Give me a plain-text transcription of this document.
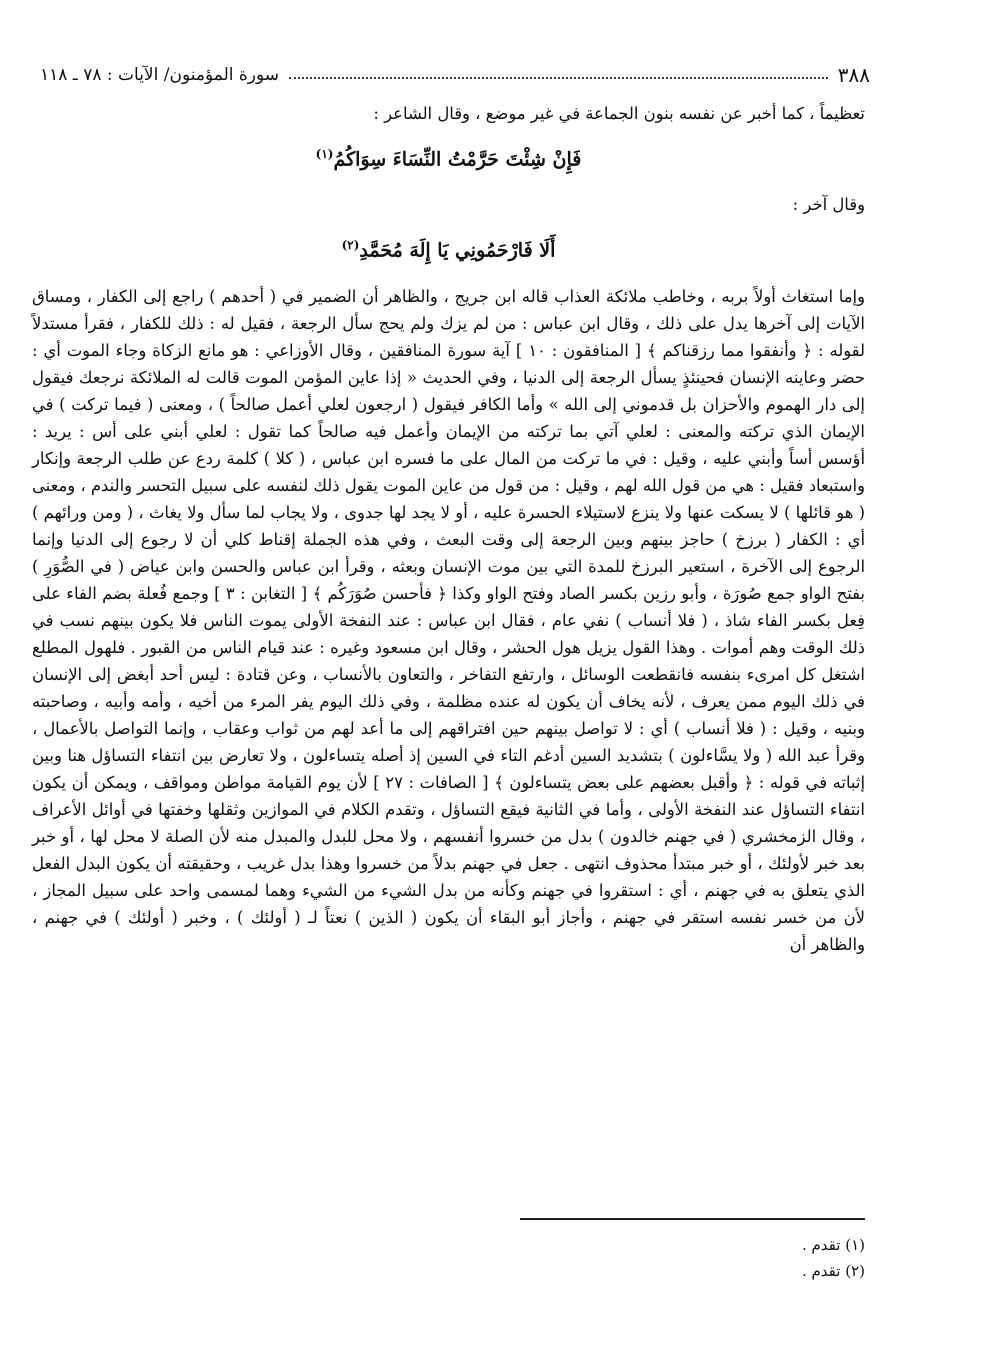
٣٨٨
سورة المؤمنون/ الآيات : ٧٨ ـ ١١٨

تعظيماً ، كما أخبر عن نفسه بنون الجماعة في غير موضع ، وقال الشاعر :

فَإِنْ شِئْتَ حَرَّمْتُ النِّسَاءَ سِوَاكُمُ$^{(١)}$

وقال آخر :

أَلَا فَارْحَمُونِي يَا إِلَهَ مُحَمَّدِ$^{(٢)}$

وإما استغاث أولاً بربه ، وخاطب ملائكة العذاب قاله ابن جريج ، والظاهر أن الضمير في ( أحدهم ) راجع إلى الكفار ، ومساق الآيات إلى آخرها يدل على ذلك ، وقال ابن عباس : من لم يزك ولم يحج سأل الرجعة ، فقيل له : ذلك للكفار ، فقرأ مستدلاً لقوله : ﴿ وأنفقوا مما رزقناكم ﴾ [ المنافقون : ١٠ ] آية سورة المنافقين ، وقال الأوزاعي : هو مانع الزكاة وجاء الموت أي : حضر وعاينه الإنسان فحينئذٍ يسأل الرجعة إلى الدنيا ، وفي الحديث « إذا عاين المؤمن الموت قالت له الملائكة نرجعك فيقول إلى دار الهموم والأحزان بل قدموني إلى الله » وأما الكافر فيقول ( ارجعون لعلي أعمل صالحاً ) ، ومعنى ( فيما تركت ) في الإيمان الذي تركته والمعنى : لعلي آتي بما تركته من الإيمان وأعمل فيه صالحاً كما تقول : لعلي أبني على أس : يريد : أؤسس أساً وأبني عليه ، وقيل : في ما تركت من المال على ما فسره ابن عباس ، ( كلا ) كلمة ردع عن طلب الرجعة وإنكار واستبعاد فقيل : هي من قول الله لهم ، وقيل : من قول من عاين الموت يقول ذلك لنفسه على سبيل التحسر والندم ، ومعنى ( هو قائلها ) لا يسكت عنها ولا ينزع لاستيلاء الحسرة عليه ، أو لا يجد لها جدوى ، ولا يجاب لما سأل ولا يغاث ، ( ومن ورائهم ) أي : الكفار ( برزخ ) حاجز بينهم وبين الرجعة إلى وقت البعث ، وفي هذه الجملة إقناط كلي أن لا رجوع إلى الدنيا وإنما الرجوع إلى الآخرة ، استعير البرزخ للمدة التي بين موت الإنسان وبعثه ، وقرأ ابن عباس والحسن وابن عياض ( في الصُّوَرِ ) بفتح الواو جمع صُورَة ، وأبو رزين بكسر الصاد وفتح الواو وكذا ﴿ فأحسن صُوَرَكُم ﴾ [ التغابن : ٣ ] وجمع فُعلة بضم الفاء على فِعل بكسر الفاء شاذ ، ( فلا أنساب ) نفي عام ، فقال ابن عباس : عند النفخة الأولى يموت الناس فلا يكون بينهم نسب في ذلك الوقت وهم أموات . وهذا القول يزيل هول الحشر ، وقال ابن مسعود وغيره : عند قيام الناس من القبور . فلهول المطلع اشتغل كل امرىء بنفسه فانقطعت الوسائل ، وارتفع التفاخر ، والتعاون بالأنساب ، وعن قتادة : ليس أحد أبغض إلى الإنسان في ذلك اليوم ممن يعرف ، لأنه يخاف أن يكون له عنده مظلمة ، وفي ذلك اليوم يفر المرء من أخيه ، وأمه وأبيه ، وصاحبته وبنيه ، وقيل : ( فلا أنساب ) أي : لا تواصل بينهم حين افتراقهم إلى ما أعد لهم من ثواب وعقاب ، وإنما التواصل بالأعمال ، وقرأ عبد الله ( ولا يسَّاءلون ) بتشديد السين أدغم التاء في السين إذ أصله يتساءلون ، ولا تعارض بين انتفاء التساؤل هنا وبين إثباته في قوله : ﴿ وأقبل بعضهم على بعض يتساءلون ﴾ [ الصافات : ٢٧ ] لأن يوم القيامة مواطن ومواقف ، ويمكن أن يكون انتفاء التساؤل عند النفخة الأولى ، وأما في الثانية فيقع التساؤل ، وتقدم الكلام في الموازين وثقلها وخفتها في أوائل الأعراف ، وقال الزمخشري ( في جهنم خالدون ) بدل من خسروا أنفسهم ، ولا محل للبدل والمبدل منه لأن الصلة لا محل لها ، أو خبر بعد خبر لأولئك ، أو خبر مبتدأ محذوف انتهى . جعل في جهنم بدلاً من خسروا وهذا بدل غريب ، وحقيقته أن يكون البدل الفعل الذي يتعلق به في جهنم ، أي : استقروا في جهنم وكأنه من بدل الشيء من الشيء وهما لمسمى واحد على سبيل المجاز ، لأن من خسر نفسه استقر في جهنم ، وأجاز أبو البقاء أن يكون ( الذين ) نعتاً لـ ( أولئك ) ، وخبر ( أولئك ) في جهنم ، والظاهر أن

(١) تقدم .
(٢) تقدم .
